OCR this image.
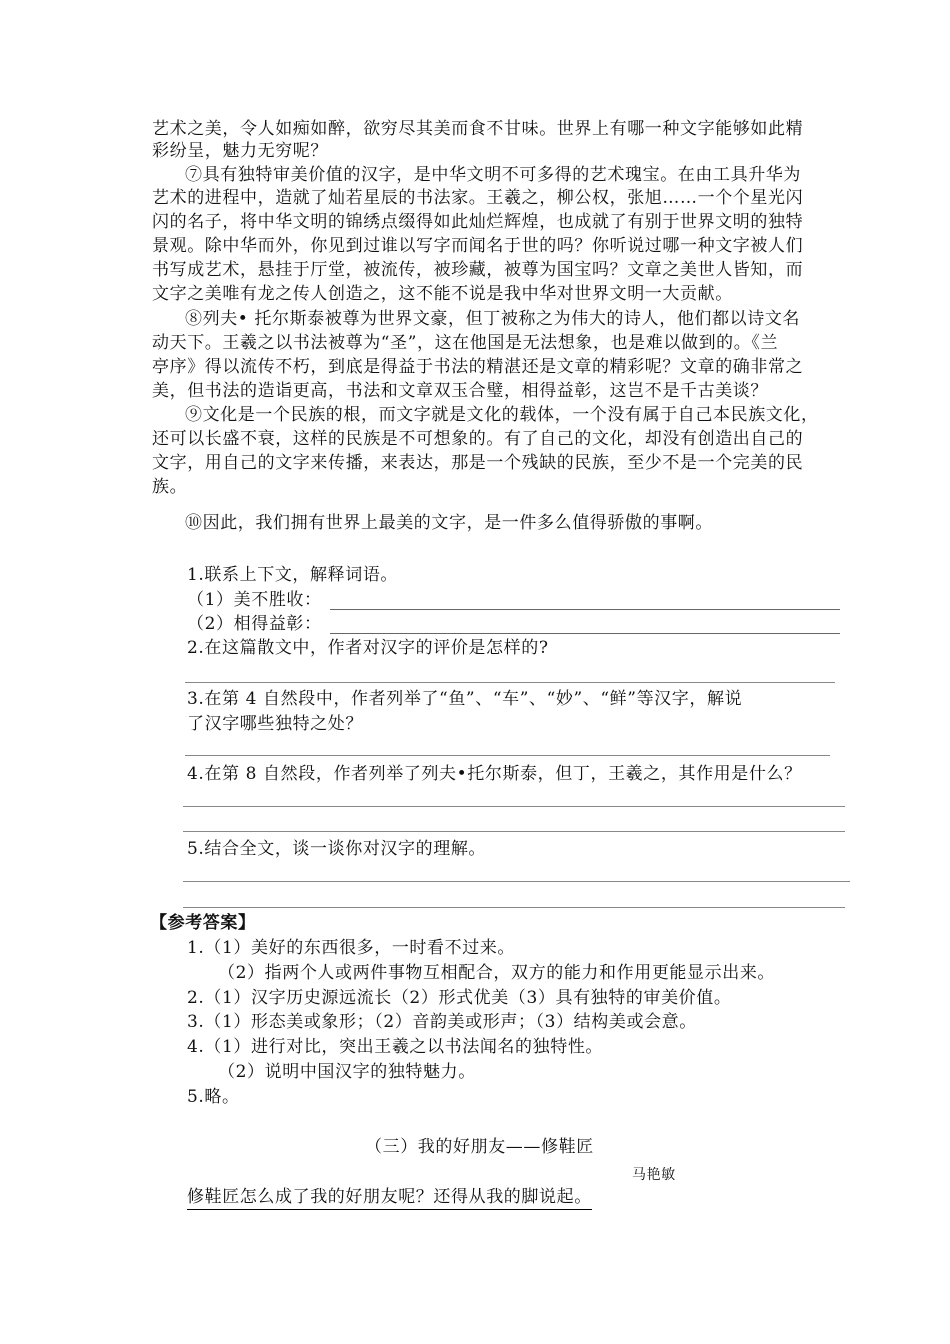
艺术之美，令人如痴如醉，欲穷尽其美而食不甘味。世界上有哪一种文字能够如此精
彩纷呈，魅力无穷呢？
⑦具有独特审美价值的汉字，是中华文明不可多得的艺术瑰宝。在由工具升华为
艺术的进程中，造就了灿若星辰的书法家。王羲之，柳公权，张旭……一个个星光闪
闪的名子，将中华文明的锦绣点缀得如此灿烂辉煌，也成就了有别于世界文明的独特
景观。除中华而外，你见到过谁以写字而闻名于世的吗？你听说过哪一种文字被人们
书写成艺术，悬挂于厅堂，被流传，被珍藏，被尊为国宝吗？文章之美世人皆知，而
文字之美唯有龙之传人创造之，这不能不说是我中华对世界文明一大贡献。
⑧列夫• 托尔斯泰被尊为世界文豪，但丁被称之为伟大的诗人，他们都以诗文名
动天下。王羲之以书法被尊为“圣”，这在他国是无法想象，也是难以做到的。《兰
亭序》得以流传不朽，到底是得益于书法的精湛还是文章的精彩呢？文章的确非常之
美，但书法的造诣更高，书法和文章双玉合璧，相得益彰，这岂不是千古美谈？
⑨文化是一个民族的根，而文字就是文化的载体，一个没有属于自己本民族文化，
还可以长盛不衰，这样的民族是不可想象的。有了自己的文化，却没有创造出自己的
文字，用自己的文字来传播，来表达，那是一个残缺的民族，至少不是一个完美的民
族。
⑩因此，我们拥有世界上最美的文字，是一件多么值得骄傲的事啊。
1.联系上下文，解释词语。
（1）美不胜收：
（2）相得益彰：
2.在这篇散文中，作者对汉字的评价是怎样的?
3.在第 4 自然段中，作者列举了“鱼”、“车”、“妙”、“鲜”等汉字，解说
了汉字哪些独特之处？
4.在第 8 自然段，作者列举了列夫•托尔斯泰，但丁，王羲之，其作用是什么？
5.结合全文，谈一谈你对汉字的理解。
【参考答案】
1.（1）美好的东西很多，一时看不过来。
（2）指两个人或两件事物互相配合，双方的能力和作用更能显示出来。
2.（1）汉字历史源远流长（2）形式优美（3）具有独特的审美价值。
3.（1）形态美或象形；（2）音韵美或形声；（3）结构美或会意。
4.（1）进行对比，突出王羲之以书法闻名的独特性。
（2）说明中国汉字的独特魅力。
5.略。
（三）我的好朋友——修鞋匠
马艳敏
修鞋匠怎么成了我的好朋友呢？还得从我的脚说起。
